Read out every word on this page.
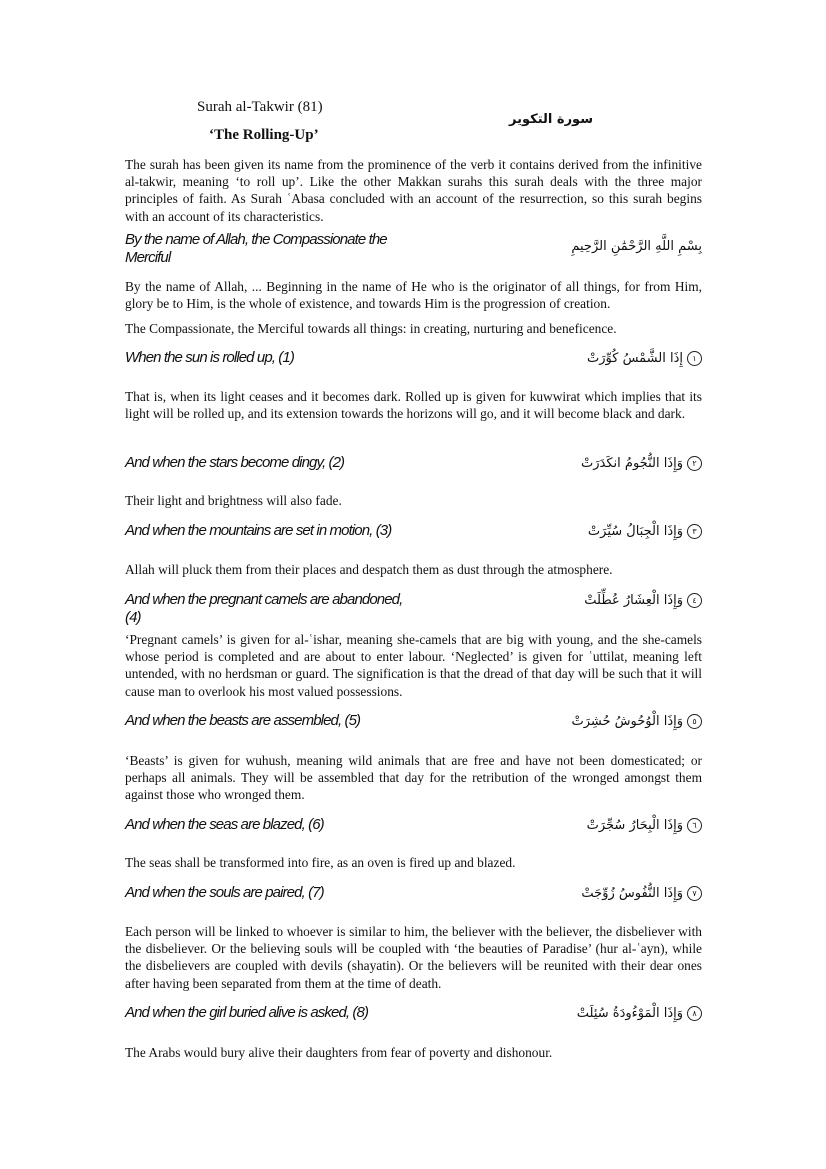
Surah al-Takwir (81)
‘The Rolling-Up’
سورة التكوير

The surah has been given its name from the prominence of the verb it contains derived from the infinitive al-takwir, meaning ‘to roll up’. Like the other Makkan surahs this surah deals with the three major principles of faith. As Surah ʿAbasa concluded with an account of the resurrection, so this surah begins with an account of its characteristics.

By the name of Allah, the Compassionate the Merciful
بِسْمِ اللَّهِ الرَّحْمَٰنِ الرَّحِيمِ

By the name of Allah, ... Beginning in the name of He who is the originator of all things, for from Him, glory be to Him, is the whole of existence, and towards Him is the progression of creation.

The Compassionate, the Merciful towards all things: in creating, nurturing and beneficence.

When the sun is rolled up, (1)	١إِذَا الشَّمْسُ كُوِّرَتْ

That is, when its light ceases and it becomes dark. Rolled up is given for kuwwirat which implies that its light will be rolled up, and its extension towards the horizons will go, and it will become black and dark.

And when the stars become dingy, (2)	٢وَإِذَا النُّجُومُ انكَدَرَتْ

Their light and brightness will also fade.

And when the mountains are set in motion, (3)	٣وَإِذَا الْجِبَالُ سُيِّرَتْ

Allah will pluck them from their places and despatch them as dust through the atmosphere.

And when the pregnant camels are abandoned, (4)
٤وَإِذَا الْعِشَارُ عُطِّلَتْ

‘Pregnant camels’ is given for al-ʿishar, meaning she-camels that are big with young, and the she-camels whose period is completed and are about to enter labour. ‘Neglected’ is given for ʿuttilat, meaning left untended, with no herdsman or guard. The signification is that the dread of that day will be such that it will cause man to overlook his most valued possessions.

And when the beasts are assembled, (5)	٥وَإِذَا الْوُحُوشُ حُشِرَتْ

‘Beasts’ is given for wuhush, meaning wild animals that are free and have not been domesticated; or perhaps all animals. They will be assembled that day for the retribution of the wronged amongst them against those who wronged them.

And when the seas are blazed, (6)	٦وَإِذَا الْبِحَارُ سُجِّرَتْ

The seas shall be transformed into fire, as an oven is fired up and blazed.

And when the souls are paired, (7)	٧وَإِذَا النُّفُوسُ زُوِّجَتْ

Each person will be linked to whoever is similar to him, the believer with the believer, the disbeliever with the disbeliever. Or the believing souls will be coupled with ‘the beauties of Paradise’ (hur al-ʿayn), while the disbelievers are coupled with devils (shayatin). Or the believers will be reunited with their dear ones after having been separated from them at the time of death.

And when the girl buried alive is asked, (8)	٨وَإِذَا الْمَوْءُودَةُ سُئِلَتْ

The Arabs would bury alive their daughters from fear of poverty and dishonour.
